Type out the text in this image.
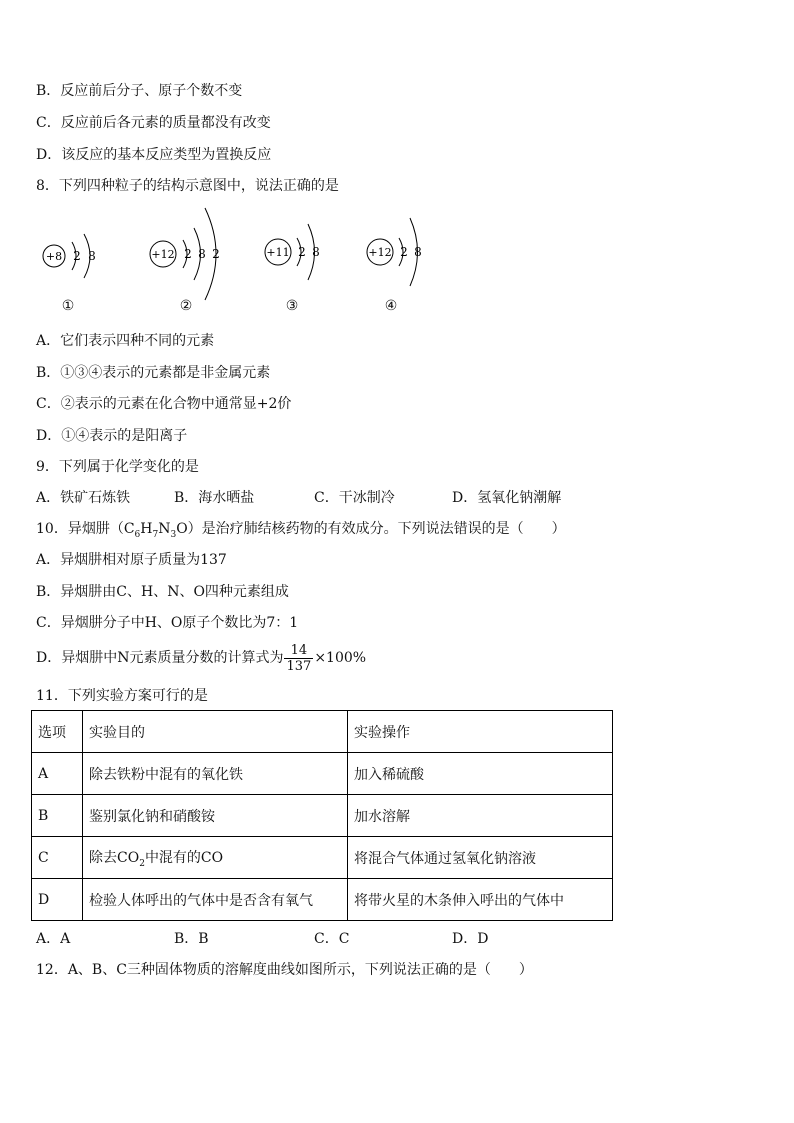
B．反应前后分子、原子个数不变
C．反应前后各元素的质量都没有改变
D．该反应的基本反应类型为置换反应
8．下列四种粒子的结构示意图中，说法正确的是
+8 2 8	+12 2 8 2	+11 2 8	+12 2 8
①	②	③	④
A．它们表示四种不同的元素
B．①③④表示的元素都是非金属元素
C．②表示的元素在化合物中通常显+2价
D．①④表示的是阳离子
9．下列属于化学变化的是
A．铁矿石炼铁	B．海水晒盐	C．干冰制冷	D．氢氧化钠潮解
10．异烟肼$(C_6H_7N_3O)$是治疗肺结核药物的有效成分。下列说法错误的是（　　）
A．异烟肼相对原子质量为137
B．异烟肼由C、H、N、O四种元素组成
C．异烟肼分子中H、O原子个数比为7：1
D．异烟肼中N元素质量分数的计算式为 $\frac{14}{137} \times 100\%$
11．下列实验方案可行的是
选项	实验目的	实验操作
A	除去铁粉中混有的氧化铁	加入稀硫酸
B	鉴别氯化钠和硝酸铵	加水溶解
C	除去$CO_2$中混有的CO	将混合气体通过氢氧化钠溶液
D	检验人体呼出的气体中是否含有氧气	将带火星的木条伸入呼出的气体中
A．A	B．B	C．C	D．D
12．A、B、C三种固体物质的溶解度曲线如图所示，下列说法正确的是（　　）
